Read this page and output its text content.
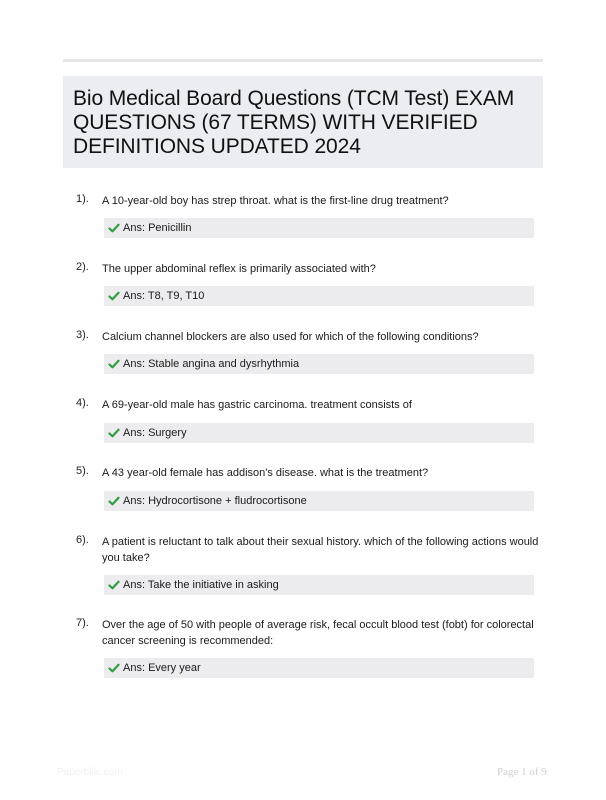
Bio Medical Board Questions (TCM Test) EXAM
QUESTIONS (67 TERMS) WITH VERIFIED
DEFINITIONS UPDATED 2024
1). A 10-year-old boy has strep throat. what is the first-line drug treatment?
Ans: Penicillin
2). The upper abdominal reflex is primarily associated with?
Ans: T8, T9, T10
3). Calcium channel blockers are also used for which of the following conditions?
Ans: Stable angina and dysrhythmia
4). A 69-year-old male has gastric carcinoma. treatment consists of
Ans: Surgery
5). A 43 year-old female has addison's disease. what is the treatment?
Ans: Hydrocortisone + fludrocortisone
6). A patient is reluctant to talk about their sexual history. which of the following actions would
you take?
Ans: Take the initiative in asking
7). Over the age of 50 with people of average risk, fecal occult blood test (fobt) for colorectal
cancer screening is recommended:
Ans: Every year
Paperbliic.com	Page 1 of 9
